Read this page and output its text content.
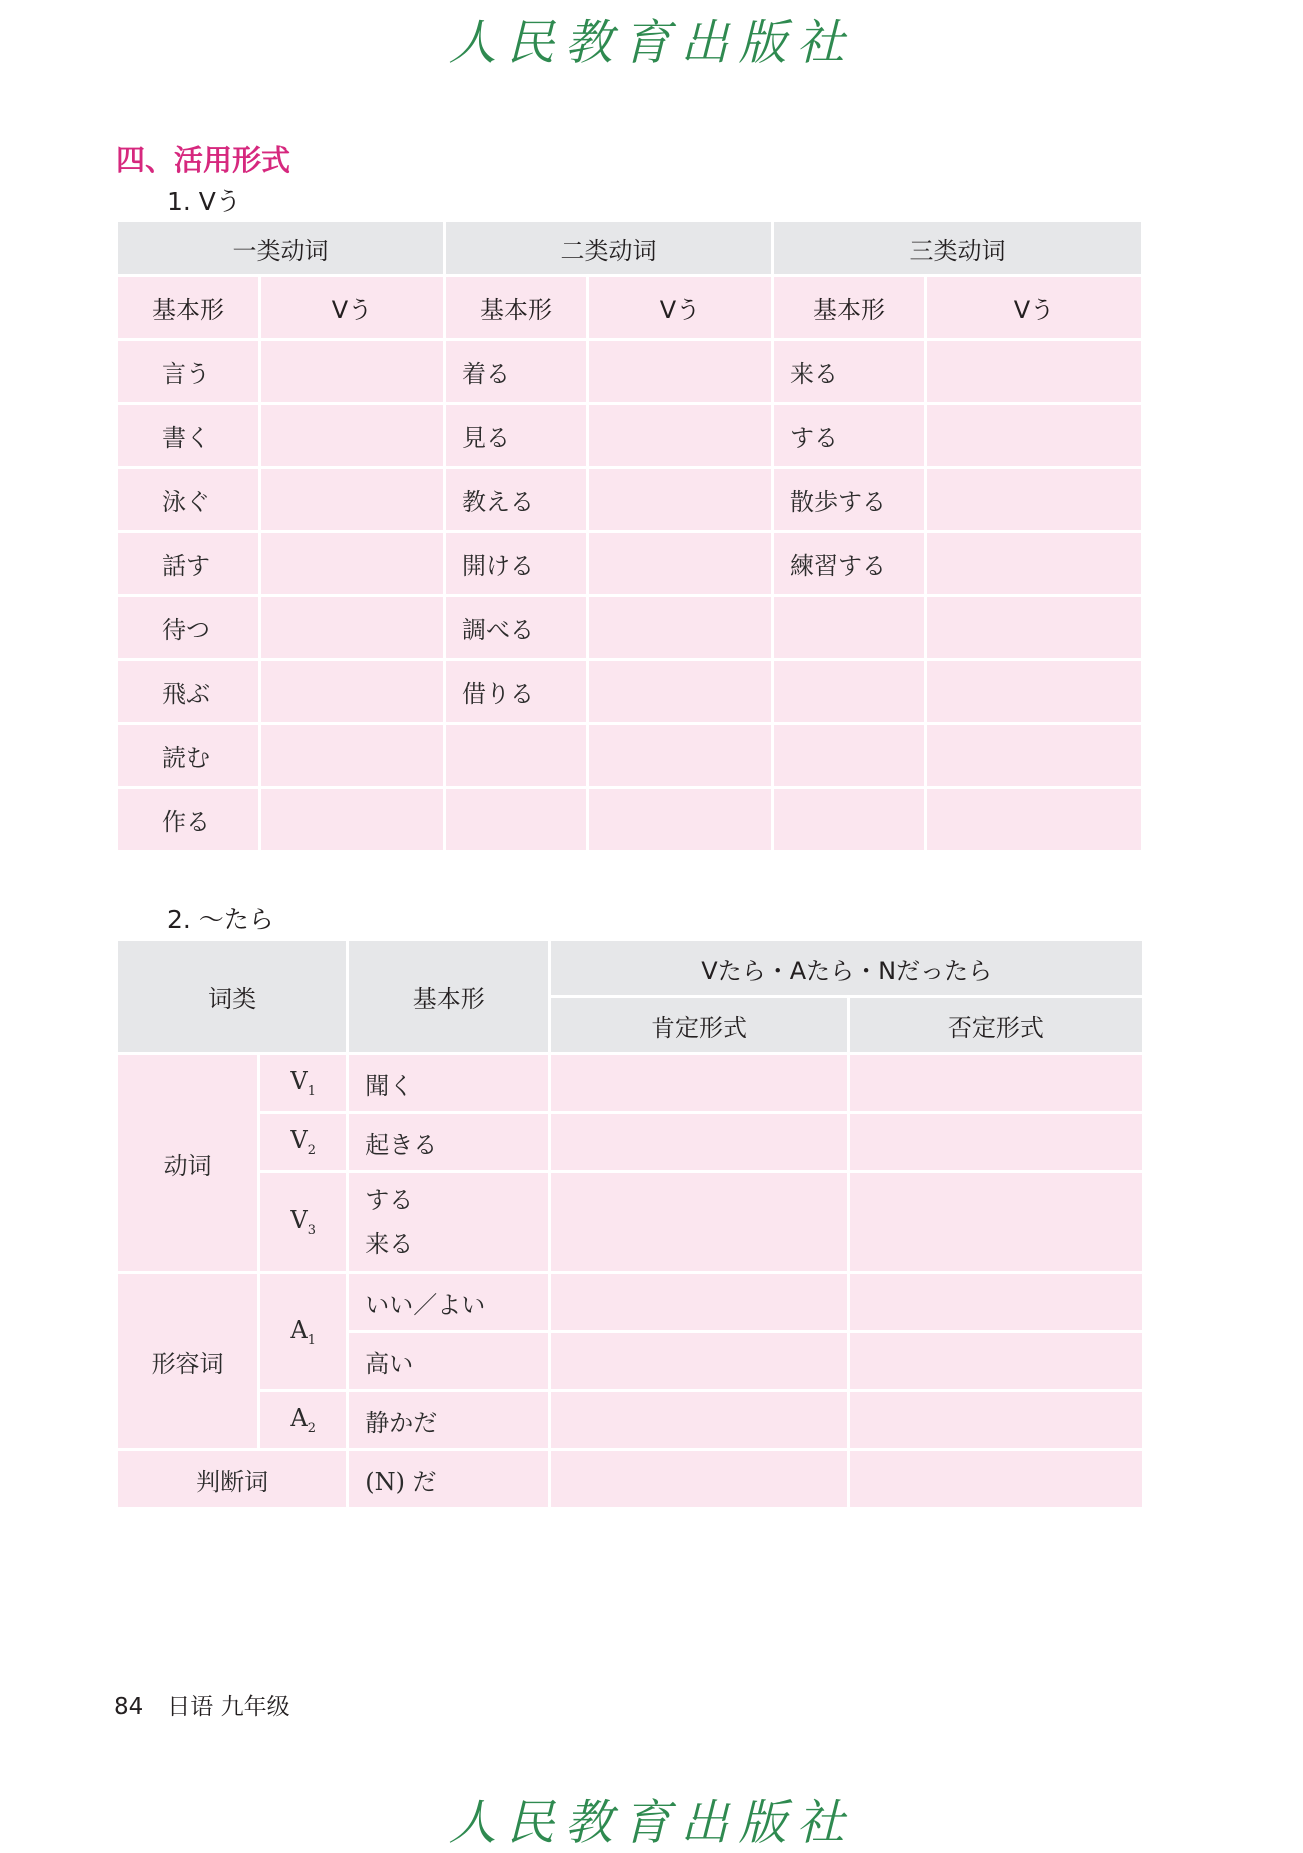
人民教育出版社
四、活用形式
1. Vう
一类动词		二类动词		三类动词	
基本形	Vう	基本形	Vう	基本形	Vう
言う		着る		来る	
書く		見る		する	
泳ぐ		教える		散歩する	
話す		開ける		練習する	
待つ		調べる			
飛ぶ		借りる			
読む					
作る					
2. ～たら
词类		基本形	Vたら・Aたら・Nだったら	
			肯定形式	否定形式
动词	$V_1$	聞く		
	$V_2$	起きる		
	$V_3$	する
来る		

形容词	$A_1$	いい／よい		
		高い		
	$A_2$	静かだ		
判断词		(N) だ		
84 日语 九年级
人民教育出版社
